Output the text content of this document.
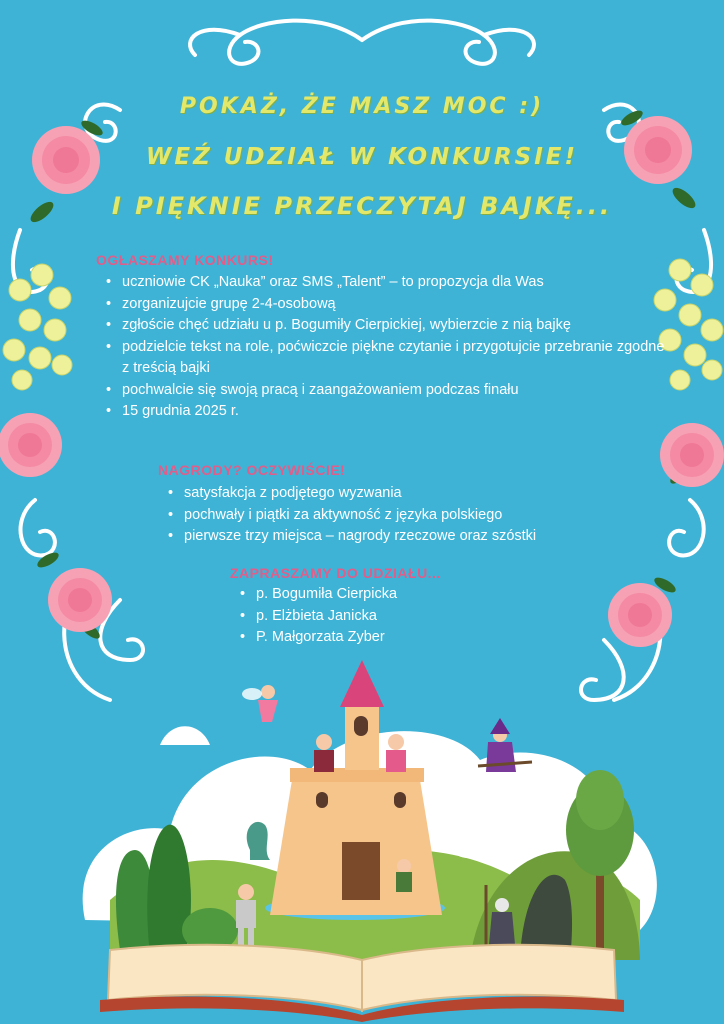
POKAŻ, ŻE MASZ MOC :)
WEŹ UDZIAŁ W KONKURSIE!
I PIĘKNIE PRZECZYTAJ BAJKĘ...
OGŁASZAMY KONKURS!
• uczniowie CK „Nauka” oraz SMS „Talent” – to propozycja dla Was
• zorganizujcie grupę 2-4-osobową
• zgłoście chęć udziału u p. Bogumiły Cierpickiej, wybierzcie z nią bajkę
• podzielcie tekst na role, poćwiczcie piękne czytanie i przygotujcie przebranie zgodne z treścią bajki
• pochwalcie się swoją pracą i zaangażowaniem podczas finału
• 15 grudnia 2025 r.
NAGRODY? OCZYWIŚCIE!
• satysfakcja z podjętego wyzwania
• pochwały i piątki za aktywność z języka polskiego
• pierwsze trzy miejsca – nagrody rzeczowe oraz szóstki
ZAPRASZAMY DO UDZIAŁU...
• p. Bogumiła Cierpicka
• p. Elżbieta Janicka
• P. Małgorzata Zyber
